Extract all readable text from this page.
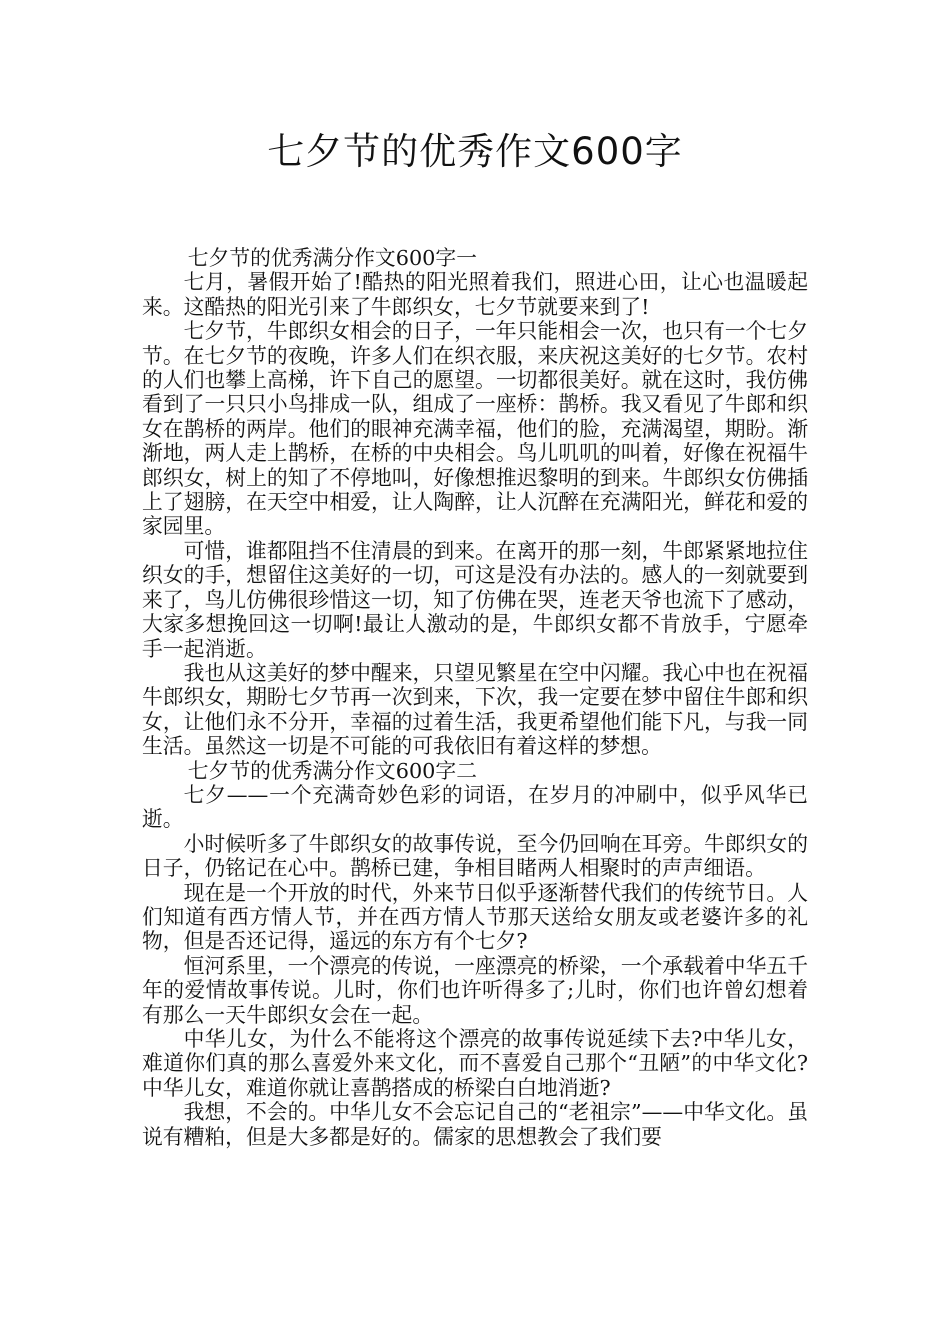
七夕节的优秀作文600字

七夕节的优秀满分作文600字一

七月，暑假开始了!酷热的阳光照着我们，照进心田，让心也温暖起来。这酷热的阳光引来了牛郎织女，七夕节就要来到了!

七夕节，牛郎织女相会的日子，一年只能相会一次，也只有一个七夕节。在七夕节的夜晚，许多人们在织衣服，来庆祝这美好的七夕节。农村的人们也攀上高梯，许下自己的愿望。一切都很美好。就在这时，我仿佛看到了一只只小鸟排成一队，组成了一座桥：鹊桥。我又看见了牛郎和织女在鹊桥的两岸。他们的眼神充满幸福，他们的脸，充满渴望，期盼。渐渐地，两人走上鹊桥，在桥的中央相会。鸟儿叽叽的叫着，好像在祝福牛郎织女，树上的知了不停地叫，好像想推迟黎明的到来。牛郎织女仿佛插上了翅膀，在天空中相爱，让人陶醉，让人沉醉在充满阳光，鲜花和爱的家园里。

可惜，谁都阻挡不住清晨的到来。在离开的那一刻，牛郎紧紧地拉住织女的手，想留住这美好的一切，可这是没有办法的。感人的一刻就要到来了，鸟儿仿佛很珍惜这一切，知了仿佛在哭，连老天爷也流下了感动，大家多想挽回这一切啊!最让人激动的是，牛郎织女都不肯放手，宁愿牵手一起消逝。

我也从这美好的梦中醒来，只望见繁星在空中闪耀。我心中也在祝福牛郎织女，期盼七夕节再一次到来，下次，我一定要在梦中留住牛郎和织女，让他们永不分开，幸福的过着生活，我更希望他们能下凡，与我一同生活。虽然这一切是不可能的可我依旧有着这样的梦想。

七夕节的优秀满分作文600字二

七夕——一个充满奇妙色彩的词语，在岁月的冲刷中，似乎风华已逝。

小时候听多了牛郎织女的故事传说，至今仍回响在耳旁。牛郎织女的日子，仍铭记在心中。鹊桥已建，争相目睹两人相聚时的声声细语。

现在是一个开放的时代，外来节日似乎逐渐替代我们的传统节日。人们知道有西方情人节，并在西方情人节那天送给女朋友或老婆许多的礼物，但是否还记得，遥远的东方有个七夕?

恒河系里，一个漂亮的传说，一座漂亮的桥梁，一个承载着中华五千年的爱情故事传说。儿时，你们也许听得多了;儿时，你们也许曾幻想着有那么一天牛郎织女会在一起。

中华儿女，为什么不能将这个漂亮的故事传说延续下去?中华儿女，难道你们真的那么喜爱外来文化，而不喜爱自己那个“丑陋”的中华文化?中华儿女，难道你就让喜鹊搭成的桥梁白白地消逝?

我想，不会的。中华儿女不会忘记自己的“老祖宗”——中华文化。虽说有糟粕，但是大多都是好的。儒家的思想教会了我们要
